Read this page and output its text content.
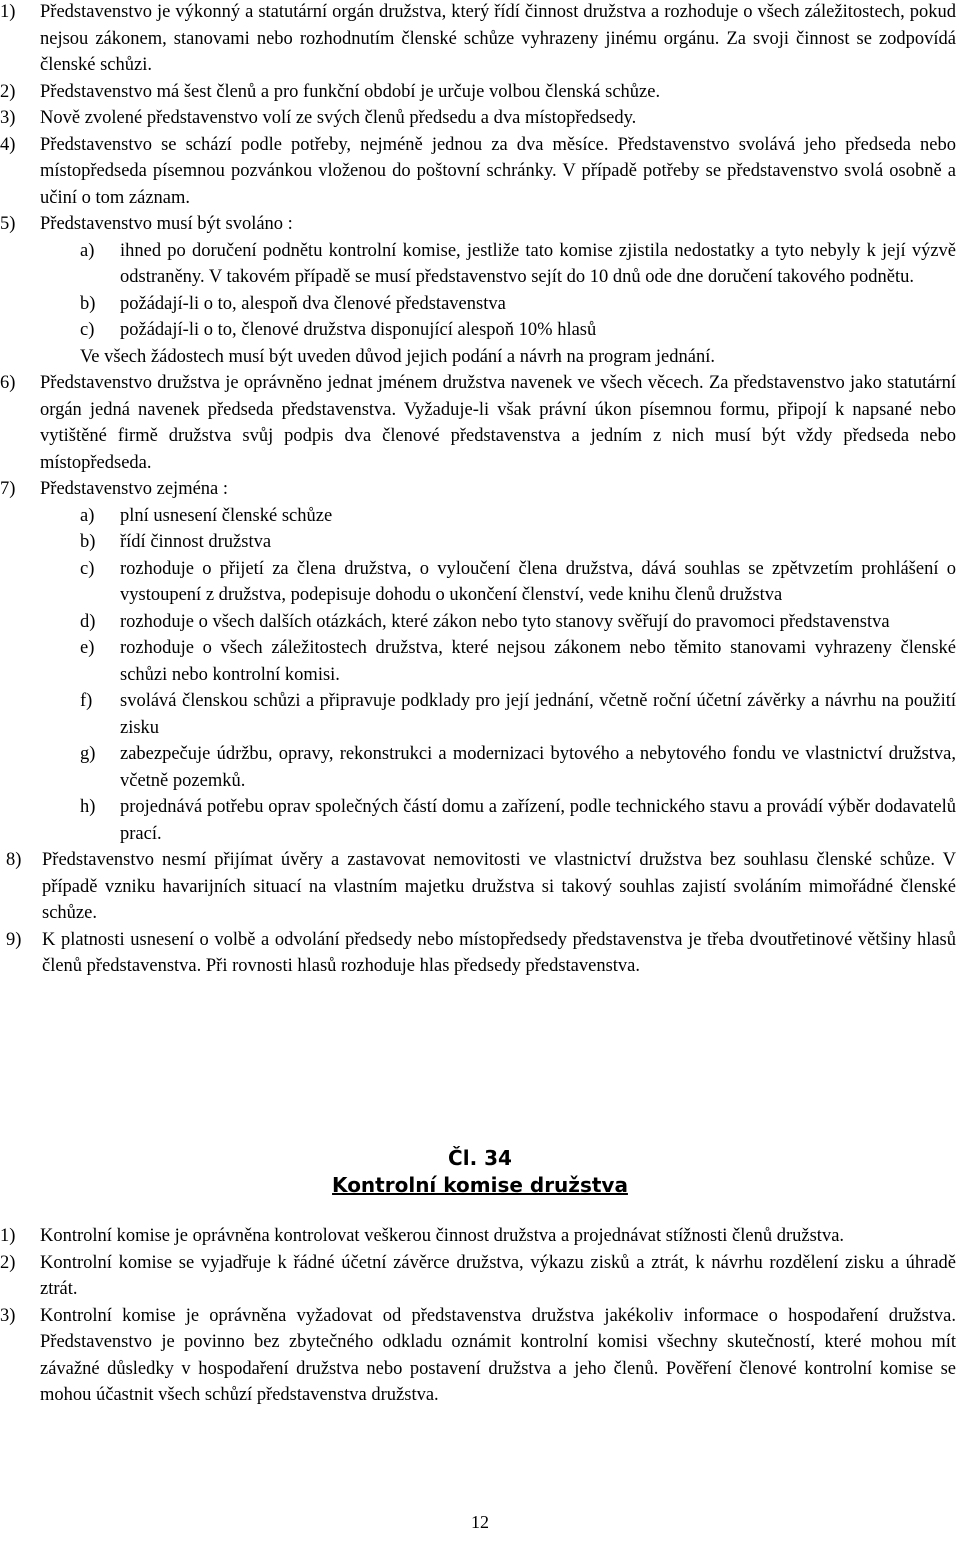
1) Představenstvo je výkonný a statutární orgán družstva, který řídí činnost družstva a rozhoduje o všech záležitostech, pokud nejsou zákonem, stanovami nebo rozhodnutím členské schůze vyhrazeny jinému orgánu. Za svoji činnost se zodpovídá členské schůzi.
2) Představenstvo má šest členů a pro funkční období je určuje volbou členská schůze.
3) Nově zvolené představenstvo volí ze svých členů předsedu a dva místopředsedy.
4) Představenstvo se schází podle potřeby, nejméně jednou za dva měsíce. Představenstvo svolává jeho předseda nebo místopředseda písemnou pozvánkou vloženou do poštovní schránky. V případě potřeby se představenstvo svolá osobně a učiní o tom záznam.
5) Představenstvo musí být svoláno :
a) ihned po doručení podnětu kontrolní komise, jestliže tato komise zjistila nedostatky a tyto nebyly k její výzvě odstraněny. V takovém případě se musí představenstvo sejít do 10 dnů ode dne doručení takového podnětu.
b) požádají-li o to, alespoň dva členové představenstva
c) požádají-li o to, členové družstva disponující alespoň 10% hlasů
Ve všech žádostech musí být uveden důvod jejich podání a návrh na program jednání.
6) Představenstvo družstva je oprávněno jednat jménem družstva navenek ve všech věcech. Za představenstvo jako statutární orgán jedná navenek předseda představenstva. Vyžaduje-li však právní úkon písemnou formu, připojí k napsané nebo vytištěné firmě družstva svůj podpis dva členové představenstva a jedním z nich musí být vždy předseda nebo místopředseda.
7) Představenstvo zejména :
a) plní usnesení členské schůze
b) řídí činnost družstva
c) rozhoduje o přijetí za člena družstva, o vyloučení člena družstva, dává souhlas se zpětvzetím prohlášení o vystoupení z družstva, podepisuje dohodu o ukončení členství, vede knihu členů družstva
d) rozhoduje o všech dalších otázkách, které zákon nebo tyto stanovy svěřují do pravomoci představenstva
e) rozhoduje o všech záležitostech družstva, které nejsou zákonem nebo těmito stanovami vyhrazeny členské schůzi nebo kontrolní komisi.
f) svolává členskou schůzi a připravuje podklady pro její jednání, včetně roční účetní závěrky a návrhu na použití zisku
g) zabezpečuje údržbu, opravy, rekonstrukci a modernizaci bytového a nebytového fondu ve vlastnictví družstva, včetně pozemků.
h) projednává potřebu oprav společných částí domu a zařízení, podle technického stavu a provádí výběr dodavatelů prací.
8) Představenstvo nesmí přijímat úvěry a zastavovat nemovitosti ve vlastnictví družstva bez souhlasu členské schůze. V případě vzniku havarijních situací na vlastním majetku družstva si takový souhlas zajistí svoláním mimořádné členské schůze.
9) K platnosti usnesení o volbě a odvolání předsedy nebo místopředsedy představenstva je třeba dvoutřetinové většiny hlasů členů představenstva. Při rovnosti hlasů rozhoduje hlas předsedy představenstva.
Čl. 34
Kontrolní komise družstva
1) Kontrolní komise je oprávněna kontrolovat veškerou činnost družstva a projednávat stížnosti členů družstva.
2) Kontrolní komise se vyjadřuje k řádné účetní závěrce družstva, výkazu zisků a ztrát, k návrhu rozdělení zisku a úhradě ztrát.
3) Kontrolní komise je oprávněna vyžadovat od představenstva družstva jakékoliv informace o hospodaření družstva. Představenstvo je povinno bez zbytečného odkladu oznámit kontrolní komisi všechny skutečností, které mohou mít závažné důsledky v hospodaření družstva nebo postavení družstva a jeho členů. Pověření členové kontrolní komise se mohou účastnit všech schůzí představenstva družstva.
12
